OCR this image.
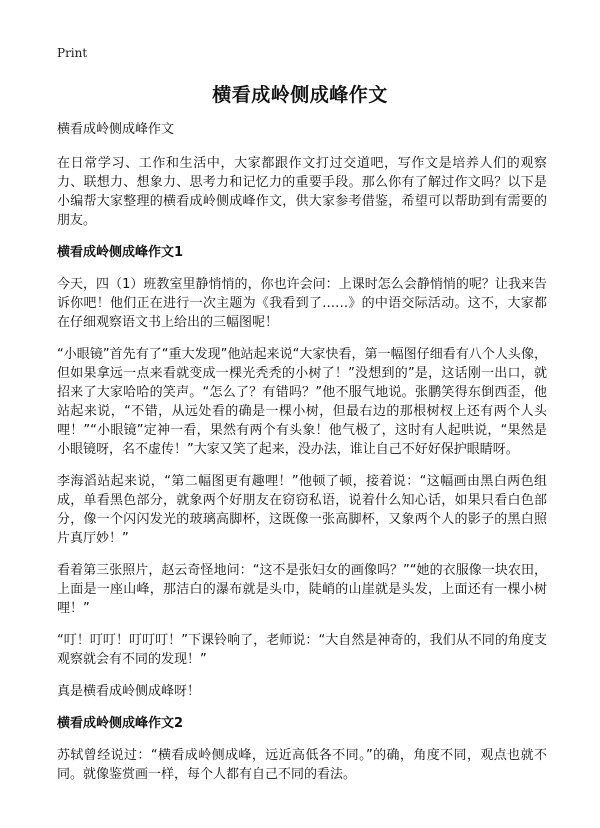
Print
横看成岭侧成峰作文

横看成岭侧成峰作文

在日常学习、工作和生活中，大家都跟作文打过交道吧，写作文是培养人们的观察力、联想力、想象力、思考力和记忆力的重要手段。那么你有了解过作文吗？以下是小编帮大家整理的横看成岭侧成峰作文，供大家参考借鉴，希望可以帮助到有需要的朋友。

横看成岭侧成峰作文1

今天，四（1）班教室里静悄悄的，你也许会问：上课时怎么会静悄悄的呢？让我来告诉你吧！他们正在进行一次主题为《我看到了……》的中语交际活动。这不，大家都在仔细观察语文书上给出的三幅图呢！

“小眼镜”首先有了“重大发现”他站起来说“大家快看，第一幅图仔细看有八个人头像，但如果拿远一点来看就变成一棵光秃秃的小树了！”没想到的”是，这话刚一出口，就招来了大家哈哈的笑声。“怎么了？有错吗？”他不服气地说。张鹏笑得东倒西歪，他站起来说，“不错，从远处看的确是一棵小树，但最右边的那根树杈上还有两个人头哩！”“小眼镜”定神一看，果然有两个有头象！他气极了，这时有人起哄说，“果然是小眼镜呀，名不虚传！”大家又笑了起来，没办法，谁让自己不好好保护眼睛呀。

李海滔站起来说，“第二幅图更有趣哩！”他顿了顿，接着说：“这幅画由黑白两色组成，单看黑色部分，就象两个好朋友在窃窃私语，说着什么知心话，如果只看白色部分，像一个闪闪发光的玻璃高脚杯，这既像一张高脚杯，又象两个人的影子的黑白照片真厅妙！”

看着第三张照片，赵云奇怪地问：“这不是张妇女的画像吗？”“她的衣服像一块农田，上面是一座山峰，那洁白的瀑布就是头巾，陡峭的山崖就是头发，上面还有一棵小树哩！”

“叮！叮叮！叮叮叮！”下课铃响了，老师说：“大自然是神奇的，我们从不同的角度支观察就会有不同的发现！”

真是横看成岭侧成峰呀！

横看成岭侧成峰作文2

苏轼曾经说过：“横看成岭侧成峰，远近高低各不同。”的确，角度不同，观点也就不同。就像鉴赏画一样，每个人都有自己不同的看法。
